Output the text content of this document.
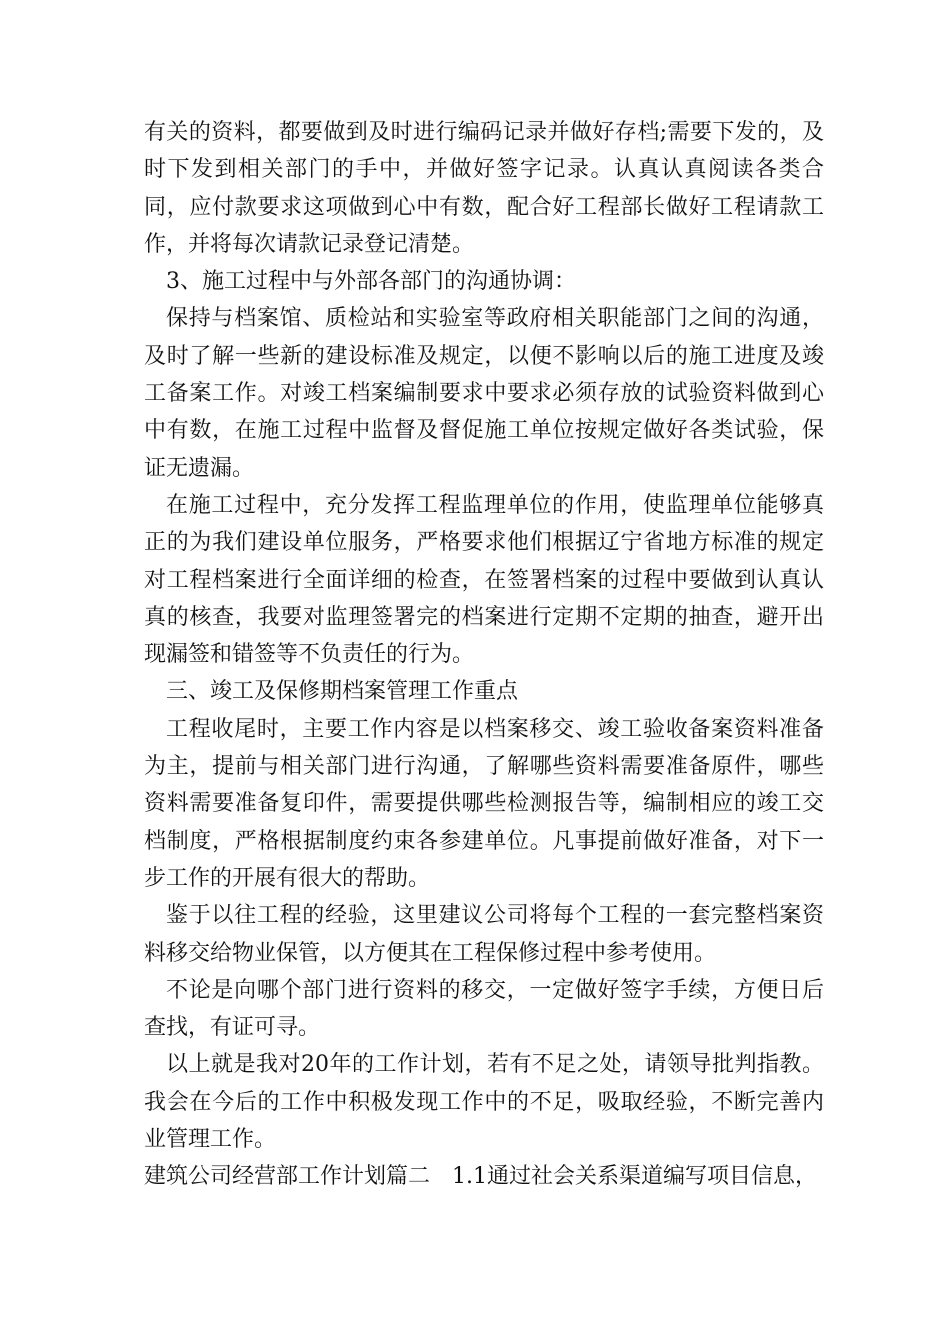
有关的资料，都要做到及时进行编码记录并做好存档;需要下发的，及时下发到相关部门的手中，并做好签字记录。认真认真阅读各类合同，应付款要求这项做到心中有数，配合好工程部长做好工程请款工作，并将每次请款记录登记清楚。

3、施工过程中与外部各部门的沟通协调：

保持与档案馆、质检站和实验室等政府相关职能部门之间的沟通，及时了解一些新的建设标准及规定，以便不影响以后的施工进度及竣工备案工作。对竣工档案编制要求中要求必须存放的试验资料做到心中有数，在施工过程中监督及督促施工单位按规定做好各类试验，保证无遗漏。

在施工过程中，充分发挥工程监理单位的作用，使监理单位能够真正的为我们建设单位服务，严格要求他们根据辽宁省地方标准的规定对工程档案进行全面详细的检查，在签署档案的过程中要做到认真认真的核查，我要对监理签署完的档案进行定期不定期的抽查，避开出现漏签和错签等不负责任的行为。

三、竣工及保修期档案管理工作重点

工程收尾时，主要工作内容是以档案移交、竣工验收备案资料准备为主，提前与相关部门进行沟通，了解哪些资料需要准备原件，哪些资料需要准备复印件，需要提供哪些检测报告等，编制相应的竣工交档制度，严格根据制度约束各参建单位。凡事提前做好准备，对下一步工作的开展有很大的帮助。

鉴于以往工程的经验，这里建议公司将每个工程的一套完整档案资料移交给物业保管，以方便其在工程保修过程中参考使用。

不论是向哪个部门进行资料的移交，一定做好签字手续，方便日后查找，有证可寻。

以上就是我对20年的工作计划，若有不足之处，请领导批判指教。我会在今后的工作中积极发现工作中的不足，吸取经验，不断完善内业管理工作。

建筑公司经营部工作计划篇二　1.1通过社会关系渠道编写项目信息，
